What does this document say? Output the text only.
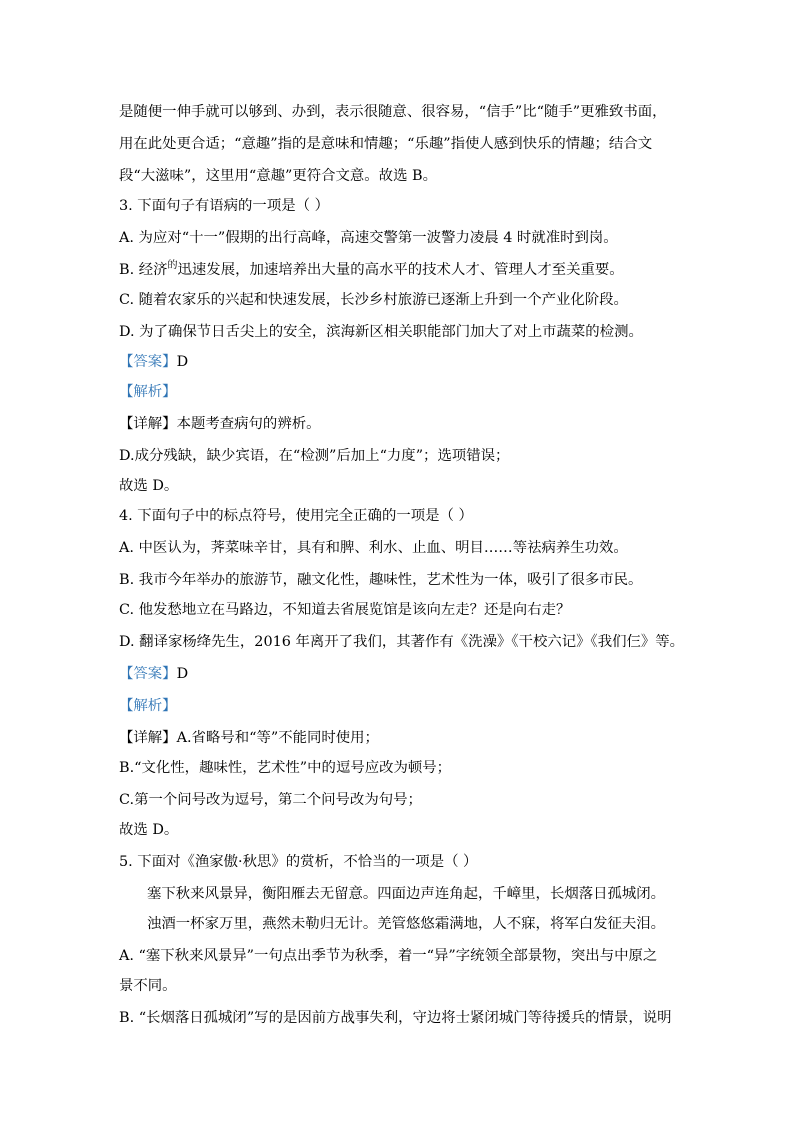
是随便一伸手就可以够到、办到，表示很随意、很容易，“信手”比“随手”更雅致书面，
用在此处更合适；“意趣”指的是意味和情趣；“乐趣”指使人感到快乐的情趣；结合文
段“大滋味”，这里用“意趣”更符合文意。故选 B。
3. 下面句子有语病的一项是（ ）
A. 为应对“十一”假期的出行高峰，高速交警第一波警力凌晨 4 时就准时到岗。
B. 经济$^的$迅速发展，加速培养出大量的高水平的技术人才、管理人才至关重要。
C. 随着农家乐的兴起和快速发展，长沙乡村旅游已逐渐上升到一个产业化阶段。
D. 为了确保节日舌尖上的安全，滨海新区相关职能部门加大了对上市蔬菜的检测。
【答案】D
【解析】
【详解】本题考查病句的辨析。
D.成分残缺，缺少宾语，在“检测”后加上“力度”；选项错误；
故选 D。
4. 下面句子中的标点符号，使用完全正确的一项是（ ）
A. 中医认为，荠菜味辛甘，具有和脾、利水、止血、明目……等祛病养生功效。
B. 我市今年举办的旅游节，融文化性，趣味性，艺术性为一体，吸引了很多市民。
C. 他发愁地立在马路边，不知道去省展览馆是该向左走？还是向右走？
D. 翻译家杨绛先生，2016 年离开了我们，其著作有《洗澡》《干校六记》《我们仨》等。
【答案】D
【解析】
【详解】A.省略号和“等”不能同时使用；
B.“文化性，趣味性，艺术性”中的逗号应改为顿号；
C.第一个问号改为逗号，第二个问号改为句号；
故选 D。
5. 下面对《渔家傲·秋思》的赏析，不恰当的一项是（ ）
塞下秋来风景异，衡阳雁去无留意。四面边声连角起，千嶂里，长烟落日孤城闭。
浊酒一杯家万里，燕然未勒归无计。羌管悠悠霜满地，人不寐，将军白发征夫泪。
A. “塞下秋来风景异”一句点出季节为秋季，着一“异”字统领全部景物，突出与中原之
景不同。
B. “长烟落日孤城闭”写的是因前方战事失利，守边将士紧闭城门等待援兵的情景，说明
